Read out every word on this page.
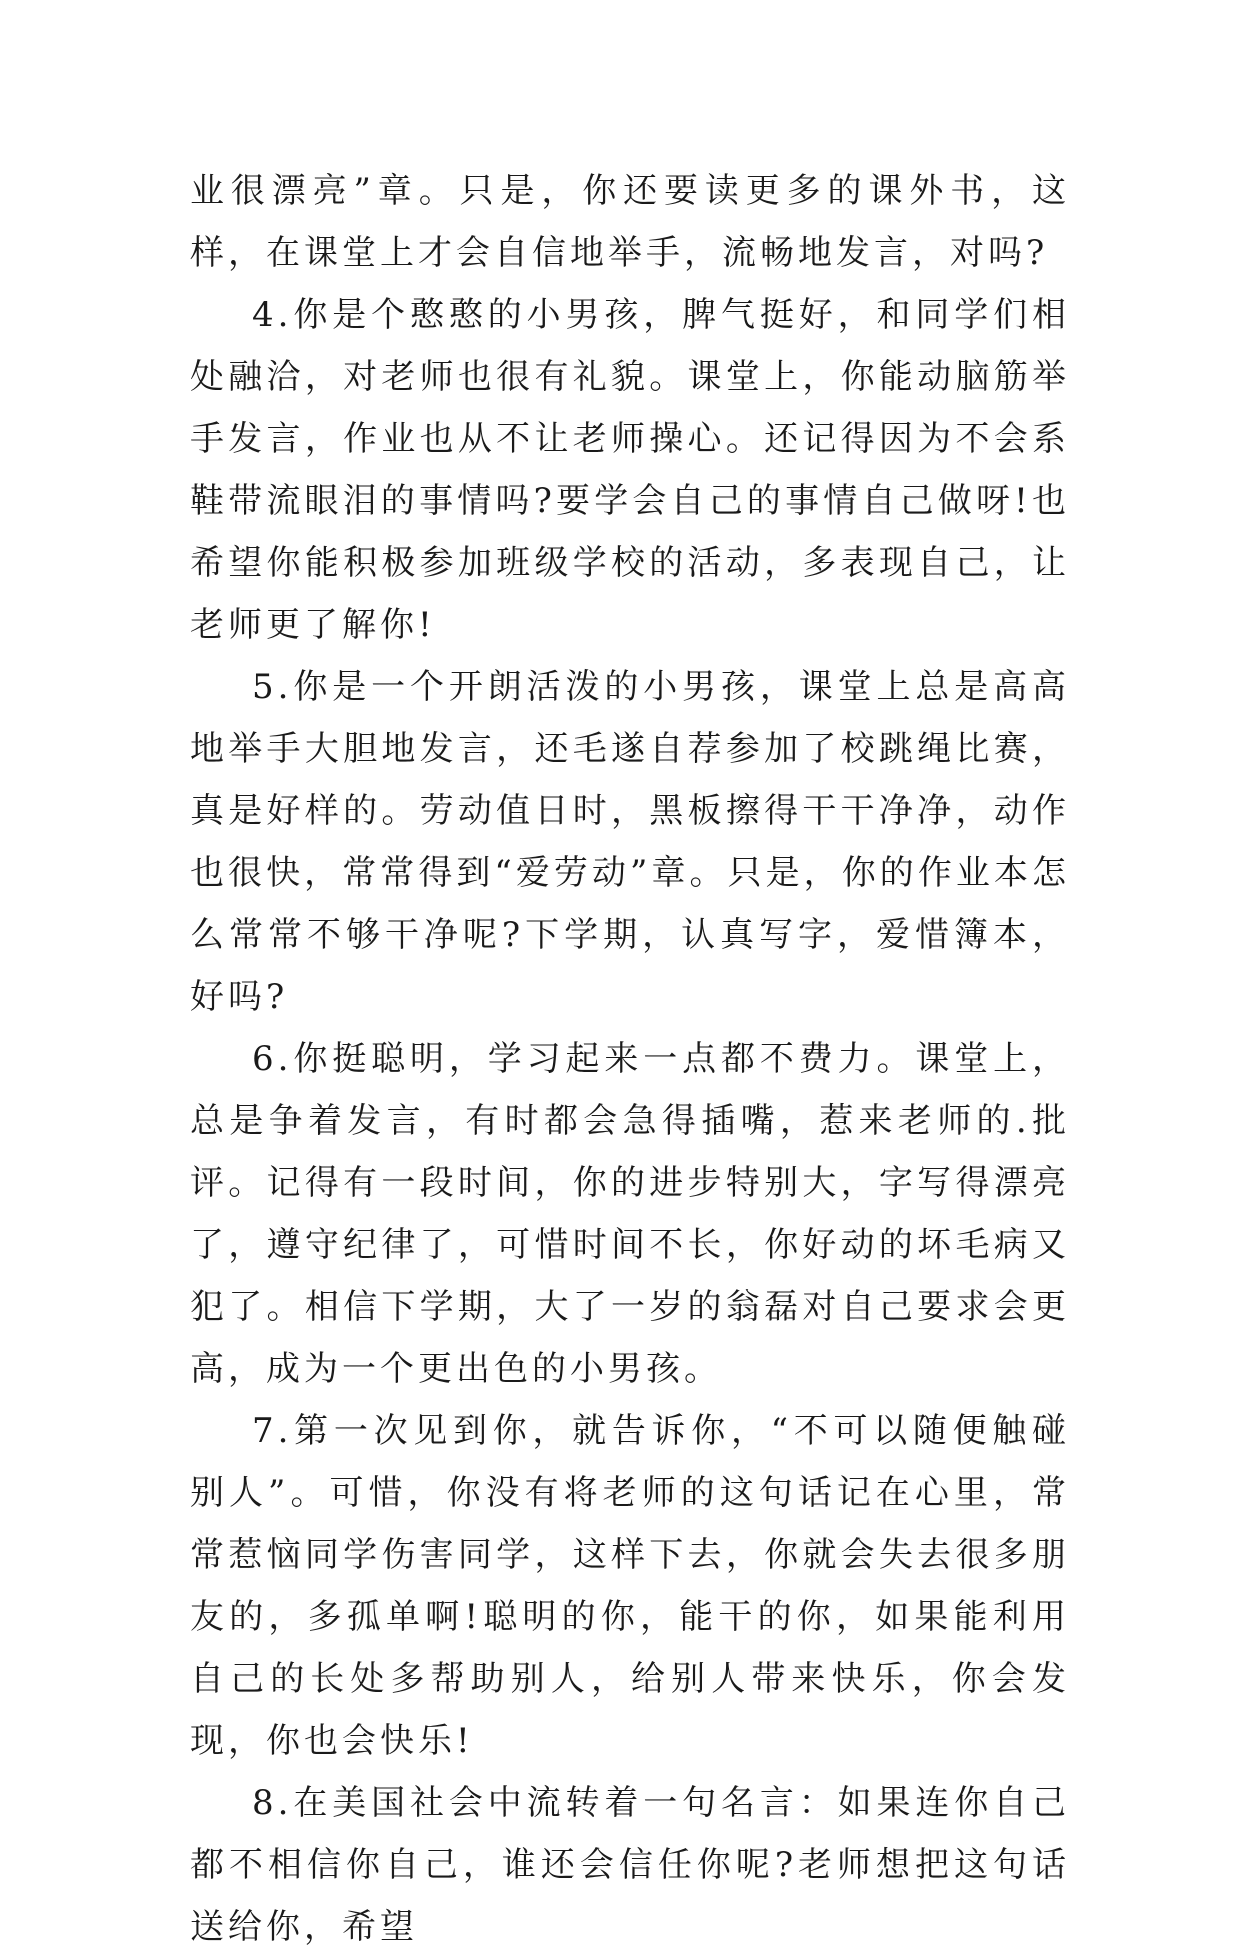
业很漂亮”章。只是，你还要读更多的课外书，这样，在课堂上才会自信地举手，流畅地发言，对吗?

4.你是个憨憨的小男孩，脾气挺好，和同学们相处融洽，对老师也很有礼貌。课堂上，你能动脑筋举手发言，作业也从不让老师操心。还记得因为不会系鞋带流眼泪的事情吗?要学会自己的事情自己做呀!也希望你能积极参加班级学校的活动，多表现自己，让老师更了解你!

5.你是一个开朗活泼的小男孩，课堂上总是高高地举手大胆地发言，还毛遂自荐参加了校跳绳比赛，真是好样的。劳动值日时，黑板擦得干干净净，动作也很快，常常得到“爱劳动”章。只是，你的作业本怎么常常不够干净呢?下学期，认真写字，爱惜簿本，好吗?

6.你挺聪明，学习起来一点都不费力。课堂上，总是争着发言，有时都会急得插嘴，惹来老师的.批评。记得有一段时间，你的进步特别大，字写得漂亮了，遵守纪律了，可惜时间不长，你好动的坏毛病又犯了。相信下学期，大了一岁的翁磊对自己要求会更高，成为一个更出色的小男孩。

7.第一次见到你，就告诉你，“不可以随便触碰别人”。可惜，你没有将老师的这句话记在心里，常常惹恼同学伤害同学，这样下去，你就会失去很多朋友的，多孤单啊!聪明的你，能干的你，如果能利用自己的长处多帮助别人，给别人带来快乐，你会发现，你也会快乐!

8.在美国社会中流转着一句名言：如果连你自己都不相信你自己，谁还会信任你呢?老师想把这句话送给你，希望
